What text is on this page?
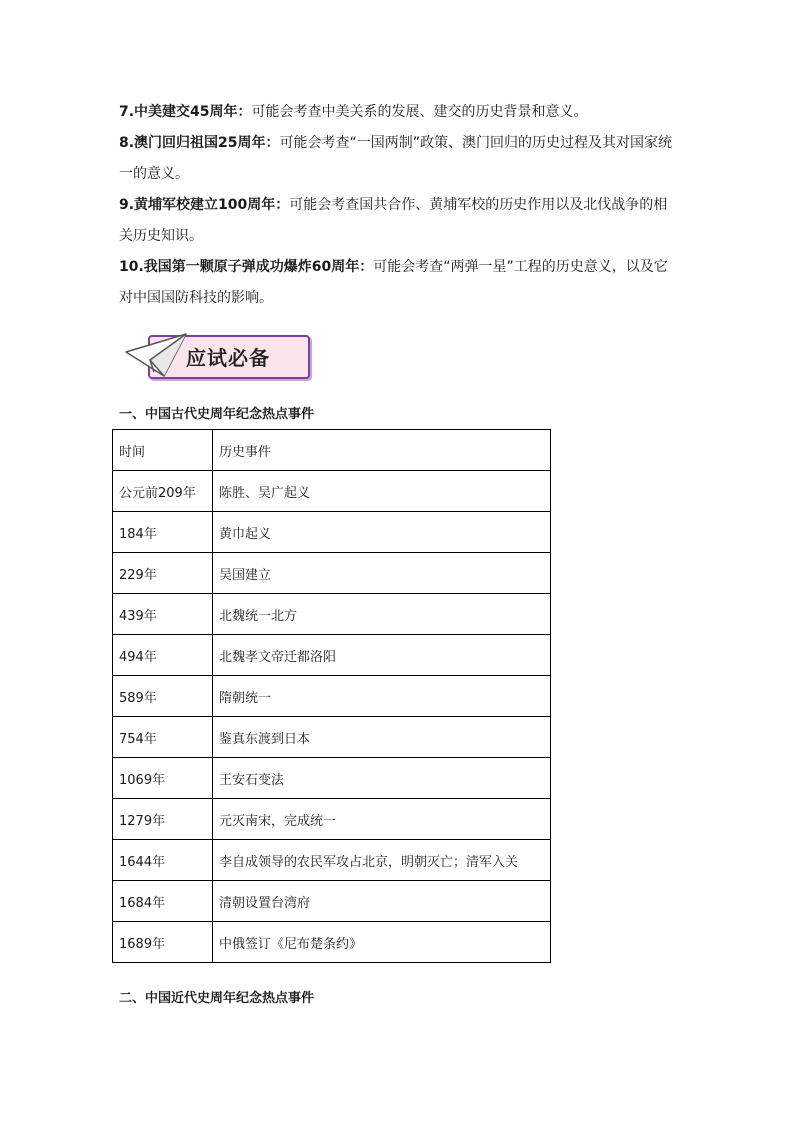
7.中美建交45周年：可能会考查中美关系的发展、建交的历史背景和意义。

8.澳门回归祖国25周年：可能会考查“一国两制”政策、澳门回归的历史过程及其对国家统一的意义。

9.黄埔军校建立100周年：可能会考查国共合作、黄埔军校的历史作用以及北伐战争的相关历史知识。

10.我国第一颗原子弹成功爆炸60周年：可能会考查“两弹一星”工程的历史意义，以及它对中国国防科技的影响。

应试必备

一、中国古代史周年纪念热点事件

时间	历史事件
公元前209年	陈胜、吴广起义
184年	黄巾起义
229年	吴国建立
439年	北魏统一北方
494年	北魏孝文帝迁都洛阳
589年	隋朝统一
754年	鉴真东渡到日本
1069年	王安石变法
1279年	元灭南宋，完成统一
1644年	李自成领导的农民军攻占北京，明朝灭亡；清军入关
1684年	清朝设置台湾府
1689年	中俄签订《尼布楚条约》

二、中国近代史周年纪念热点事件
